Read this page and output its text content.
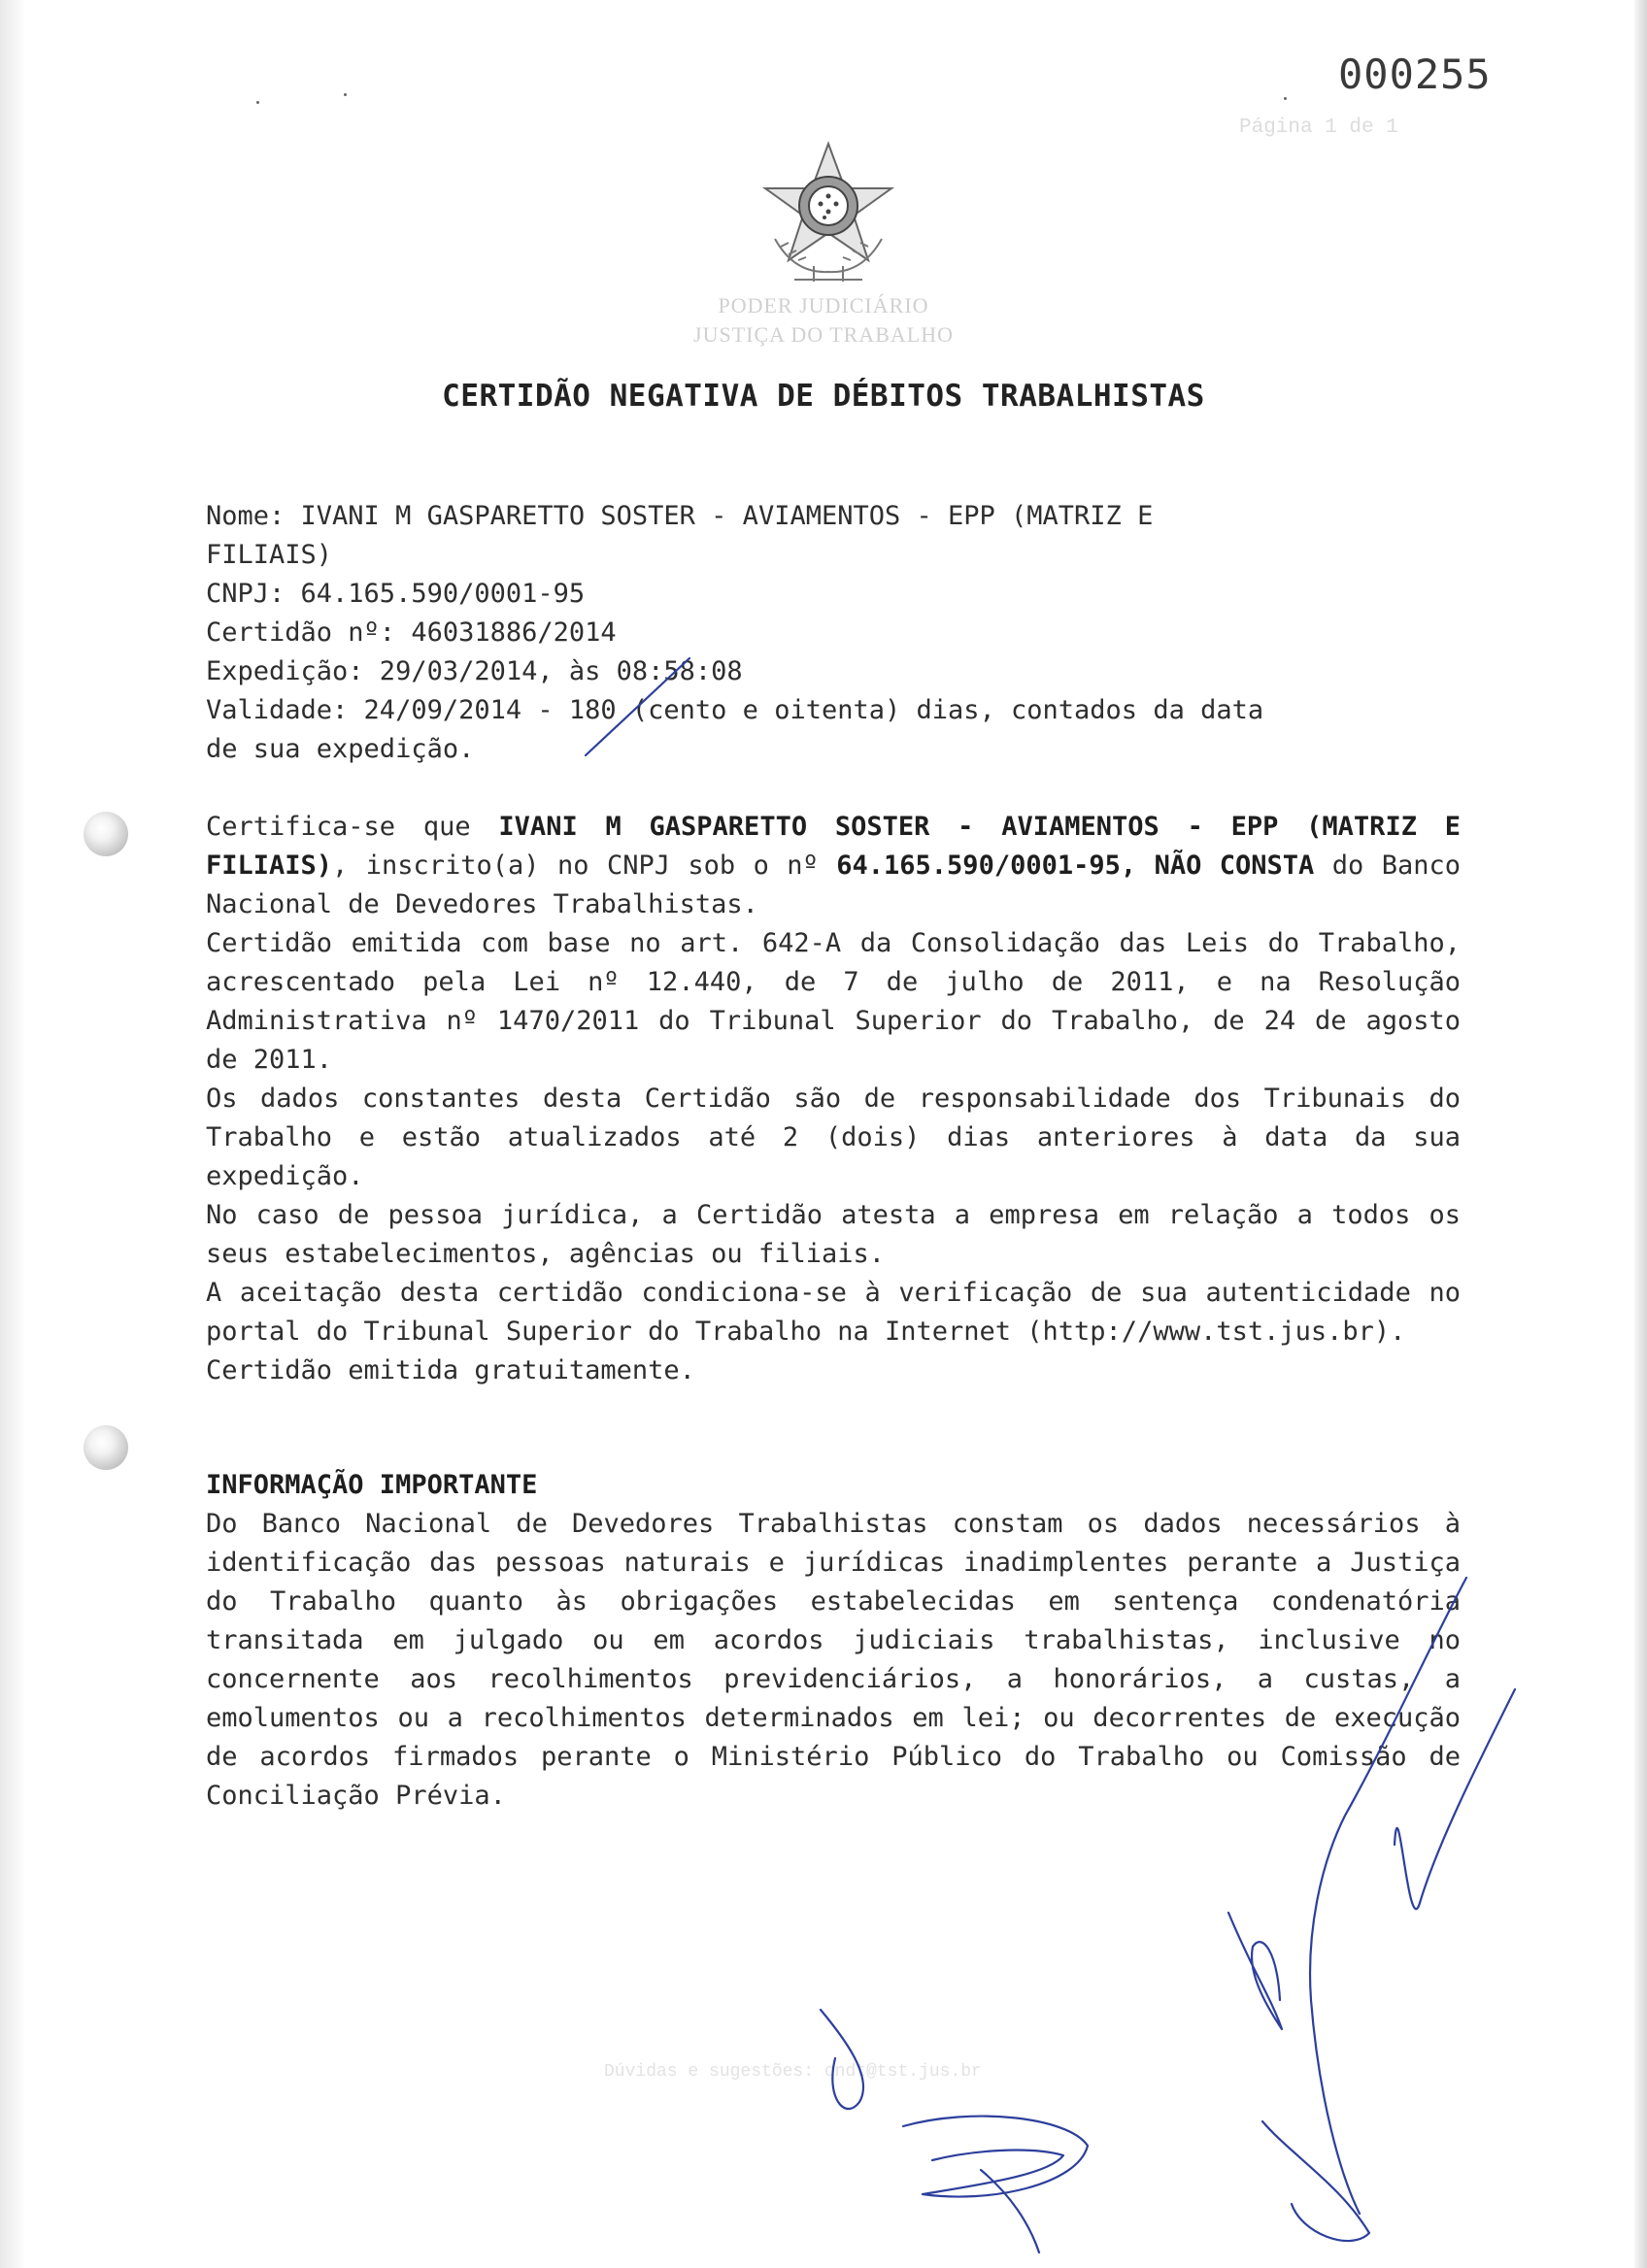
000255
Página 1 de 1
PODER JUDICIÁRIO
JUSTIÇA DO TRABALHO
CERTIDÃO NEGATIVA DE DÉBITOS TRABALHISTAS

Nome: IVANI M GASPARETTO SOSTER - AVIAMENTOS - EPP (MATRIZ E

FILIAIS)

CNPJ: 64.165.590/0001-95

Certidão nº: 46031886/2014

Expedição: 29/03/2014, às 08:58:08

Validade: 24/09/2014 - 180 (cento e oitenta) dias, contados da data

de sua expedição.

Certifica-se que IVANI M GASPARETTO SOSTER - AVIAMENTOS - EPP (MATRIZ E FILIAIS), inscrito(a) no CNPJ sob o nº 64.165.590/0001-95, NÃO CONSTA do Banco Nacional de Devedores Trabalhistas.

Certidão emitida com base no art. 642-A da Consolidação das Leis do Trabalho, acrescentado pela Lei nº 12.440, de 7 de julho de 2011, e na Resolução Administrativa nº 1470/2011 do Tribunal Superior do Trabalho, de 24 de agosto de 2011.

Os dados constantes desta Certidão são de responsabilidade dos Tribunais do Trabalho e estão atualizados até 2 (dois) dias anteriores à data da sua expedição.

No caso de pessoa jurídica, a Certidão atesta a empresa em relação a todos os seus estabelecimentos, agências ou filiais.

A aceitação desta certidão condiciona-se à verificação de sua autenticidade no portal do Tribunal Superior do Trabalho na Internet (http://www.tst.jus.br).

Certidão emitida gratuitamente.

INFORMAÇÃO IMPORTANTE

Do Banco Nacional de Devedores Trabalhistas constam os dados necessários à identificação das pessoas naturais e jurídicas inadimplentes perante a Justiça do Trabalho quanto às obrigações estabelecidas em sentença condenatória transitada em julgado ou em acordos judiciais trabalhistas, inclusive no concernente aos recolhimentos previdenciários, a honorários, a custas, a emolumentos ou a recolhimentos determinados em lei; ou decorrentes de execução de acordos firmados perante o Ministério Público do Trabalho ou Comissão de Conciliação Prévia.

Dúvidas e sugestões: cndt@tst.jus.br
